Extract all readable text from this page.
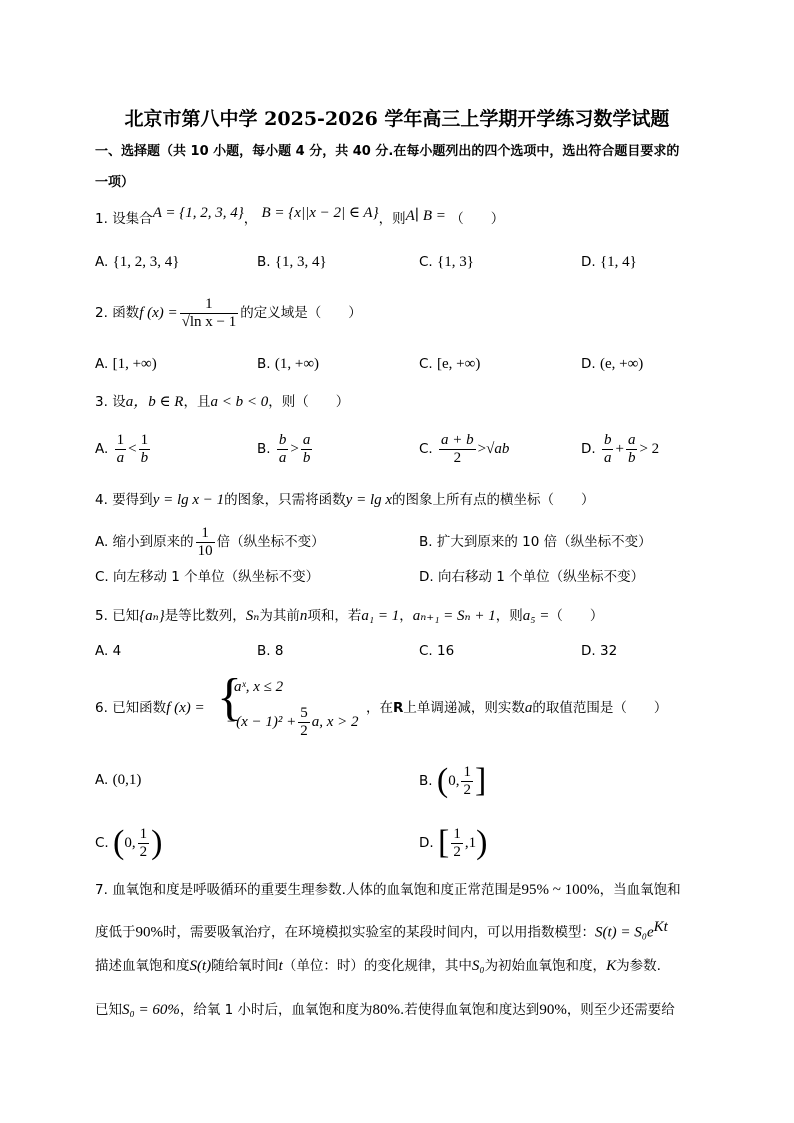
北京市第八中学 2025-2026 学年高三上学期开学练习数学试题
一、选择题（共 10 小题，每小题 4 分，共 40 分.在每小题列出的四个选项中，选出符合题目要求的
一项）
1. 设集合A = {1, 2, 3, 4}， B = {x||x − 2| ∈ A}，则A∣ B = （　　）
A. {1, 2, 3, 4}	B. {1, 3, 4}	C. {1, 3}	D. {1, 4}
2. 函数f $(x) = \frac{1}{\text{√ln x − 1}}$ 的定义域是（　　）
A. [1, +∞)	B. (1, +∞)	C. [e, +∞)	D. (e, +∞)
3. 设a，b ∈ R，且a < b < 0，则（　　）
A. $\frac{1}{a} < \frac{1}{b}$	B. $\frac{b}{a} > \frac{a}{b}$	C. $\frac{a + b}{2} >√ab$	D. $\frac{b}{a} + \frac{a}{b} > 2$
4. 要得到y = lg x − 1的图象，只需将函数y = lg x的图象上所有点的横坐标（　　）
A. 缩小到原来的 $\frac{1}{10}$ 倍（纵坐标不变）	B. 扩大到原来的 10 倍（纵坐标不变）
C. 向左移动 1 个单位（纵坐标不变）	D. 向右移动 1 个单位（纵坐标不变）
5. 已知{aₙ}是等比数列，Sₙ为其前n项和，若a₁ = 1，aₙ₊₁ = Sₙ + 1，则a₅ =（　　）
A. 4	B. 8	C. 16	D. 32
6. 已知函数f (x) = {
aˣ, x ≤ 2
$-(x - 1)^2 + \frac{5}{2} a$, x > 2
，在R上单调递减，则实数a的取值范围是（　　）
A. (0,1)	B. (0, $\frac{1}{2}$ ]
C. (0, $\frac{1}{2}$ )	D. [ $\frac{1}{2} ,1$)
7. 血氧饱和度是呼吸循环的重要生理参数.人体的血氧饱和度正常范围是95% ~ 100%，当血氧饱和
度低于90%时，需要吸氧治疗，在环境模拟实验室的某段时间内，可以用指数模型：$S(t) = S_0e^{Kt}$
描述血氧饱和度S(t)随给氧时间t（单位：时）的变化规律，其中S₀为初始血氧饱和度，K为参数.
已知S₀ = 60%，给氧 1 小时后，血氧饱和度为80%.若使得血氧饱和度达到90%，则至少还需要给
